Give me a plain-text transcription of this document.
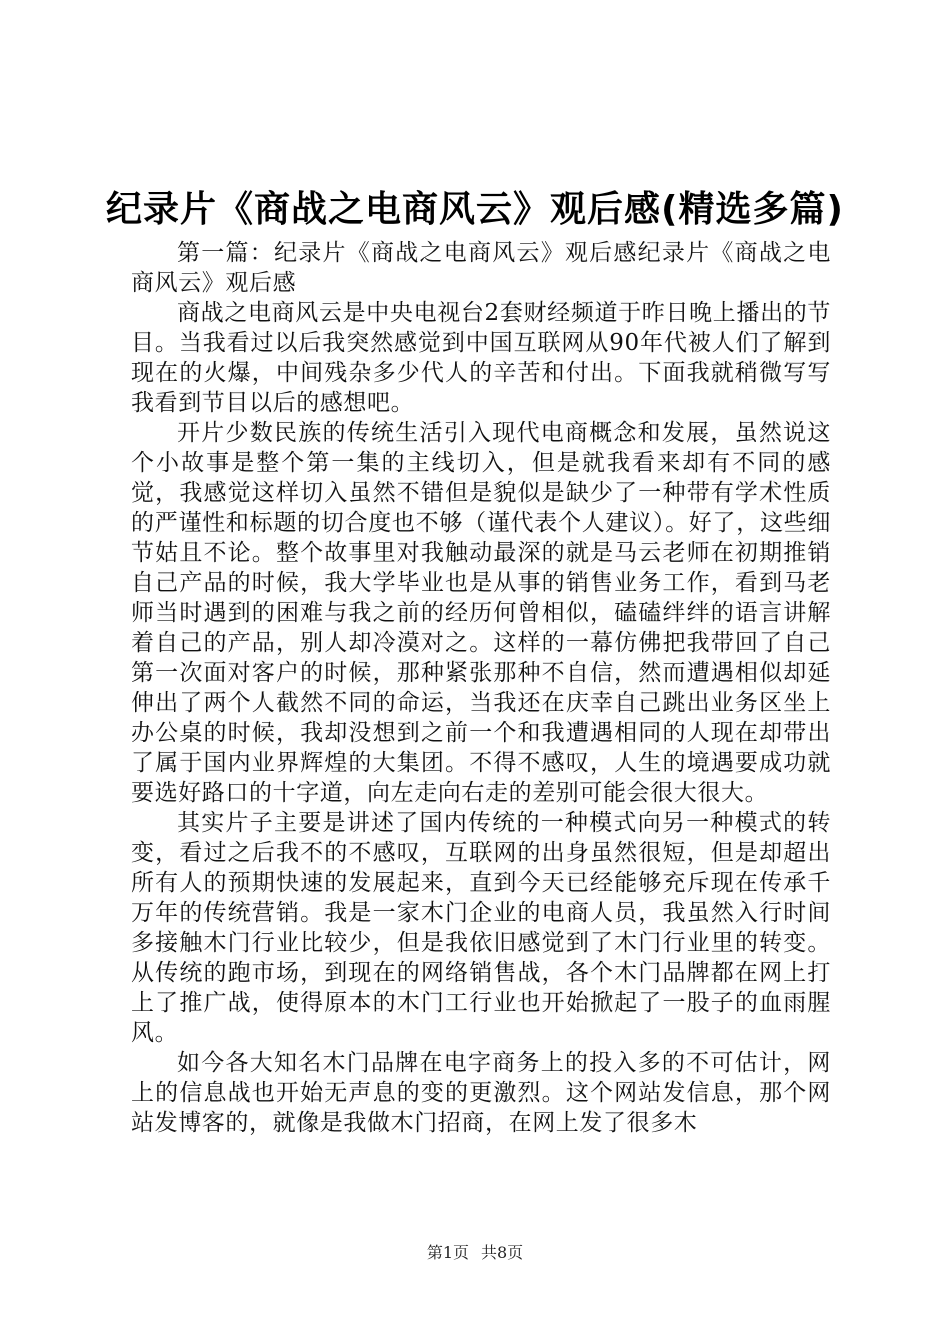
纪录片《商战之电商风云》观后感(精选多篇)

第一篇：纪录片《商战之电商风云》观后感纪录片《商战之电商风云》观后感

商战之电商风云是中央电视台2套财经频道于昨日晚上播出的节目。当我看过以后我突然感觉到中国互联网从90年代被人们了解到现在的火爆，中间残杂多少代人的辛苦和付出。下面我就稍微写写我看到节目以后的感想吧。

开片少数民族的传统生活引入现代电商概念和发展，虽然说这个小故事是整个第一集的主线切入，但是就我看来却有不同的感觉，我感觉这样切入虽然不错但是貌似是缺少了一种带有学术性质的严谨性和标题的切合度也不够（谨代表个人建议）。好了，这些细节姑且不论。整个故事里对我触动最深的就是马云老师在初期推销自己产品的时候，我大学毕业也是从事的销售业务工作，看到马老师当时遇到的困难与我之前的经历何曾相似，磕磕绊绊的语言讲解着自己的产品，别人却冷漠对之。这样的一幕仿佛把我带回了自己第一次面对客户的时候，那种紧张那种不自信，然而遭遇相似却延伸出了两个人截然不同的命运，当我还在庆幸自己跳出业务区坐上办公桌的时候，我却没想到之前一个和我遭遇相同的人现在却带出了属于国内业界辉煌的大集团。不得不感叹，人生的境遇要成功就要选好路口的十字道，向左走向右走的差别可能会很大很大。

其实片子主要是讲述了国内传统的一种模式向另一种模式的转变，看过之后我不的不感叹，互联网的出身虽然很短，但是却超出所有人的预期快速的发展起来，直到今天已经能够充斥现在传承千万年的传统营销。我是一家木门企业的电商人员，我虽然入行时间多接触木门行业比较少，但是我依旧感觉到了木门行业里的转变。从传统的跑市场，到现在的网络销售战，各个木门品牌都在网上打上了推广战，使得原本的木门工行业也开始掀起了一股子的血雨腥风。

如今各大知名木门品牌在电字商务上的投入多的不可估计，网上的信息战也开始无声息的变的更激烈。这个网站发信息，那个网站发博客的，就像是我做木门招商，在网上发了很多木

第1页 共8页
